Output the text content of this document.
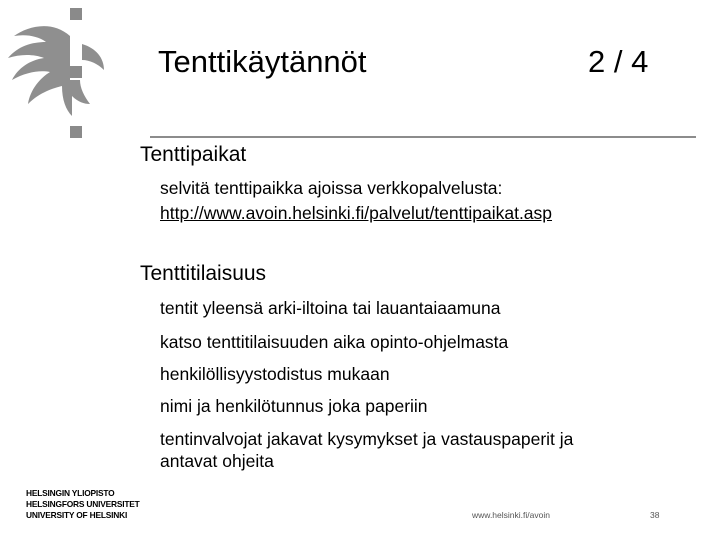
Tenttikäytännöt	2 / 4
Tenttipaikat
selvitä tenttipaikka ajoissa verkkopalvelusta:
http://www.avoin.helsinki.fi/palvelut/tenttipaikat.asp
Tenttitilaisuus
tentit yleensä arki-iltoina tai lauantaiaamuna
katso tenttitilaisuuden aika opinto-ohjelmasta
henkilöllisyystodistus mukaan
nimi ja henkilötunnus joka paperiin
tentinvalvojat jakavat kysymykset ja vastauspaperit ja
antavat ohjeita
HELSINGIN YLIOPISTO
HELSINGFORS UNIVERSITET
UNIVERSITY OF HELSINKI	www.helsinki.fi/avoin	38
